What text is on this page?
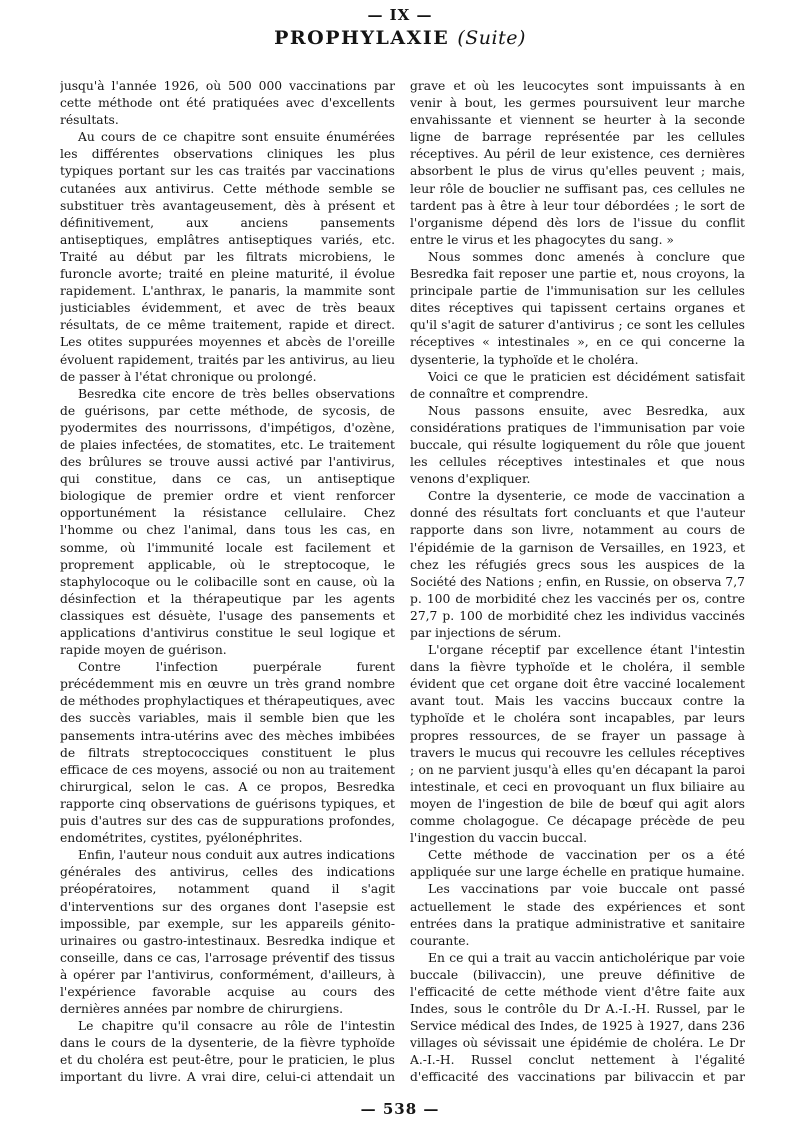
— IX —
PROPHYLAXIE (Suite)

jusqu'à l'année 1926, où 500 000 vaccinations par cette méthode ont été pratiquées avec d'excellents résultats.

Au cours de ce chapitre sont ensuite énumérées les différentes observations cliniques les plus typiques portant sur les cas traités par vaccinations cutanées aux antivirus. Cette méthode semble se substituer très avantageusement, dès à présent et définitivement, aux anciens pansements antiseptiques, emplâtres antiseptiques variés, etc. Traité au début par les filtrats microbiens, le furoncle avorte; traité en pleine maturité, il évolue rapidement. L'anthrax, le panaris, la mammite sont justiciables évidemment, et avec de très beaux résultats, de ce même traitement, rapide et direct. Les otites suppurées moyennes et abcès de l'oreille évoluent rapidement, traités par les antivirus, au lieu de passer à l'état chronique ou prolongé.

Besredka cite encore de très belles observations de guérisons, par cette méthode, de sycosis, de pyodermites des nourrissons, d'impétigos, d'ozène, de plaies infectées, de stomatites, etc. Le traitement des brûlures se trouve aussi activé par l'antivirus, qui constitue, dans ce cas, un antiseptique biologique de premier ordre et vient renforcer opportunément la résistance cellulaire. Chez l'homme ou chez l'animal, dans tous les cas, en somme, où l'immunité locale est facilement et proprement applicable, où le streptocoque, le staphylocoque ou le colibacille sont en cause, où la désinfection et la thérapeutique par les agents classiques est désuète, l'usage des pansements et applications d'antivirus constitue le seul logique et rapide moyen de guérison.

Contre l'infection puerpérale furent précédemment mis en œuvre un très grand nombre de méthodes prophylactiques et thérapeutiques, avec des succès variables, mais il semble bien que les pansements intra-utérins avec des mèches imbibées de filtrats streptococciques constituent le plus efficace de ces moyens, associé ou non au traitement chirurgical, selon le cas. A ce propos, Besredka rapporte cinq observations de guérisons typiques, et puis d'autres sur des cas de suppurations profondes, endométrites, cystites, pyélonéphrites.

Enfin, l'auteur nous conduit aux autres indications générales des antivirus, celles des indications préopératoires, notamment quand il s'agit d'interventions sur des organes dont l'asepsie est impossible, par exemple, sur les appareils génito-urinaires ou gastro-intestinaux. Besredka indique et conseille, dans ce cas, l'arrosage préventif des tissus à opérer par l'antivirus, conformément, d'ailleurs, à l'expérience favorable acquise au cours des dernières années par nombre de chirurgiens.

Le chapitre qu'il consacre au rôle de l'intestin dans le cours de la dysenterie, de la fièvre typhoïde et du choléra est peut-être, pour le praticien, le plus important du livre. A vrai dire, celui-ci attendait un

grave et où les leucocytes sont impuissants à en venir à bout, les germes poursuivent leur marche envahissante et viennent se heurter à la seconde ligne de barrage représentée par les cellules réceptives. Au péril de leur existence, ces dernières absorbent le plus de virus qu'elles peuvent ; mais, leur rôle de bouclier ne suffisant pas, ces cellules ne tardent pas à être à leur tour débordées ; le sort de l'organisme dépend dès lors de l'issue du conflit entre le virus et les phagocytes du sang. »

Nous sommes donc amenés à conclure que Besredka fait reposer une partie et, nous croyons, la principale partie de l'immunisation sur les cellules dites réceptives qui tapissent certains organes et qu'il s'agit de saturer d'antivirus ; ce sont les cellules réceptives « intestinales », en ce qui concerne la dysenterie, la typhoïde et le choléra.

Voici ce que le praticien est décidément satisfait de connaître et comprendre.

Nous passons ensuite, avec Besredka, aux considérations pratiques de l'immunisation par voie buccale, qui résulte logiquement du rôle que jouent les cellules réceptives intestinales et que nous venons d'expliquer.

Contre la dysenterie, ce mode de vaccination a donné des résultats fort concluants et que l'auteur rapporte dans son livre, notamment au cours de l'épidémie de la garnison de Versailles, en 1923, et chez les réfugiés grecs sous les auspices de la Société des Nations ; enfin, en Russie, on observa 7,7 p. 100 de morbidité chez les vaccinés per os, contre 27,7 p. 100 de morbidité chez les individus vaccinés par injections de sérum.

L'organe réceptif par excellence étant l'intestin dans la fièvre typhoïde et le choléra, il semble évident que cet organe doit être vacciné localement avant tout. Mais les vaccins buccaux contre la typhoïde et le choléra sont incapables, par leurs propres ressources, de se frayer un passage à travers le mucus qui recouvre les cellules réceptives ; on ne parvient jusqu'à elles qu'en décapant la paroi intestinale, et ceci en provoquant un flux biliaire au moyen de l'ingestion de bile de bœuf qui agit alors comme cholagogue. Ce décapage précède de peu l'ingestion du vaccin buccal.

Cette méthode de vaccination per os a été appliquée sur une large échelle en pratique humaine.

Les vaccinations par voie buccale ont passé actuellement le stade des expériences et sont entrées dans la pratique administrative et sanitaire courante.

En ce qui a trait au vaccin anticholérique par voie buccale (bilivaccin), une preuve définitive de l'efficacité de cette méthode vient d'être faite aux Indes, sous le contrôle du Dr A.-I.-H. Russel, par le Service médical des Indes, de 1925 à 1927, dans 236 villages où sévissait une épidémie de choléra. Le Dr A.-I.-H. Russel conclut nettement à l'égalité d'efficacité des vaccinations par bilivaccin et par

— 538 —
